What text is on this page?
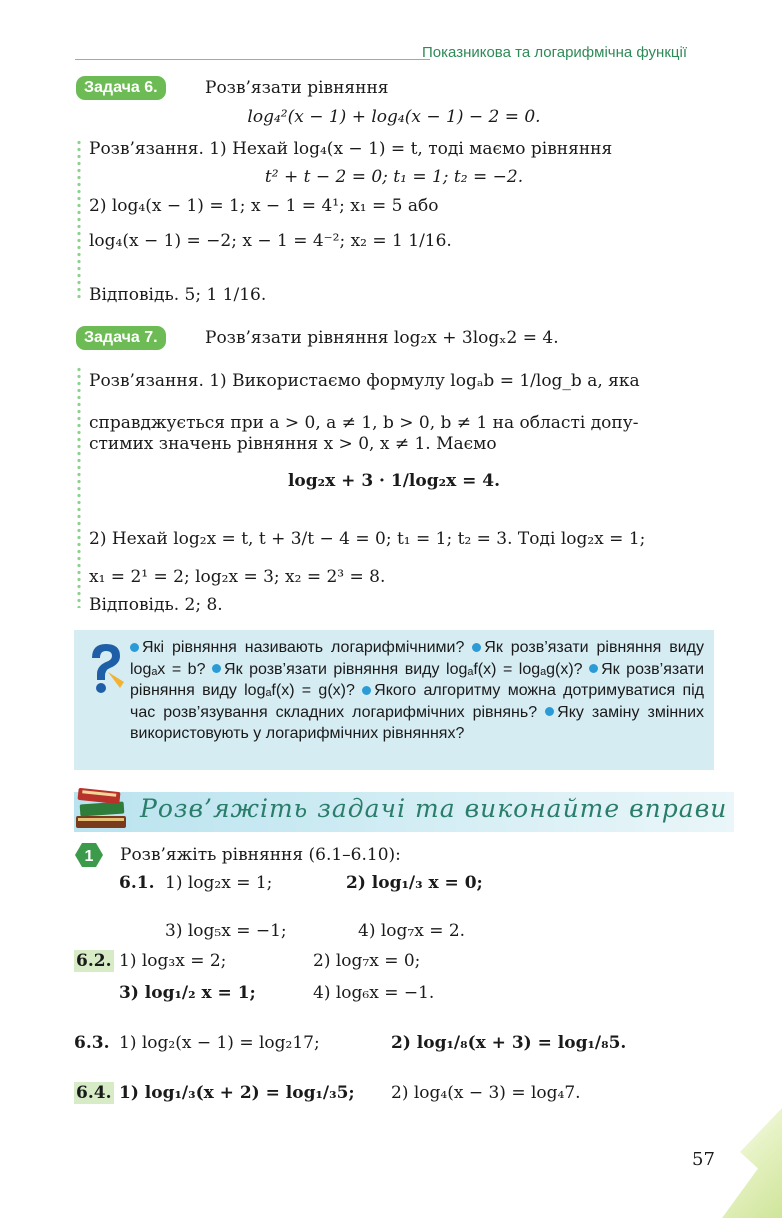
Показникова та логарифмічна функції
Задача 6.	Розв’язати рівняння
log₄²(x − 1) + log₄(x − 1) − 2 = 0.
Розв’язання. 1) Нехай log₄(x − 1) = t, тоді маємо рівняння
t² + t − 2 = 0; t₁ = 1; t₂ = −2.
2) log₄(x − 1) = 1; x − 1 = 4¹; x₁ = 5 або
log₄(x − 1) = −2; x − 1 = 4⁻²; x₂ = 1 1/16.
Відповідь. 5; 1 1/16.
Задача 7.	Розв’язати рівняння log₂x + 3logₓ2 = 4.
Розв’язання. 1) Використаємо формулу logₐb = 1/log_b a, яка
справджується при a > 0, a ≠ 1, b > 0, b ≠ 1 на області допу-
стимих значень рівняння x > 0, x ≠ 1. Маємо
log₂x + 3 · 1/log₂x = 4.
2) Нехай log₂x = t, t + 3/t − 4 = 0; t₁ = 1; t₂ = 3. Тоді log₂x = 1;
x₁ = 2¹ = 2; log₂x = 3; x₂ = 2³ = 8.
Відповідь. 2; 8.
Які рівняння називають логарифмічними? Як розв’язати рівняння виду logₐx = b? Як розв’язати рівняння виду logₐf(x) = logₐg(x)? Як розв’язати рівняння виду logₐf(x) = g(x)? Якого алгоритму можна дотримуватися під час розв’язування складних логарифмічних рівнянь? Яку заміну змінних використовують у логарифмічних рівняннях?
Розв’яжіть задачі та виконайте вправи
1 Розв’яжіть рівняння (6.1–6.10):
6.1. 1) log₂x = 1;	2) log₁/₃ x = 0;
3) log₅x = −1;	4) log₇x = 2.
6.2. 1) log₃x = 2;	2) log₇x = 0;
3) log₁/₂ x = 1;	4) log₆x = −1.
6.3. 1) log₂(x − 1) = log₂17;	2) log₁/₈(x + 3) = log₁/₈5.
6.4. 1) log₁/₃(x + 2) = log₁/₃5; 2) log₄(x − 3) = log₄7.
57
